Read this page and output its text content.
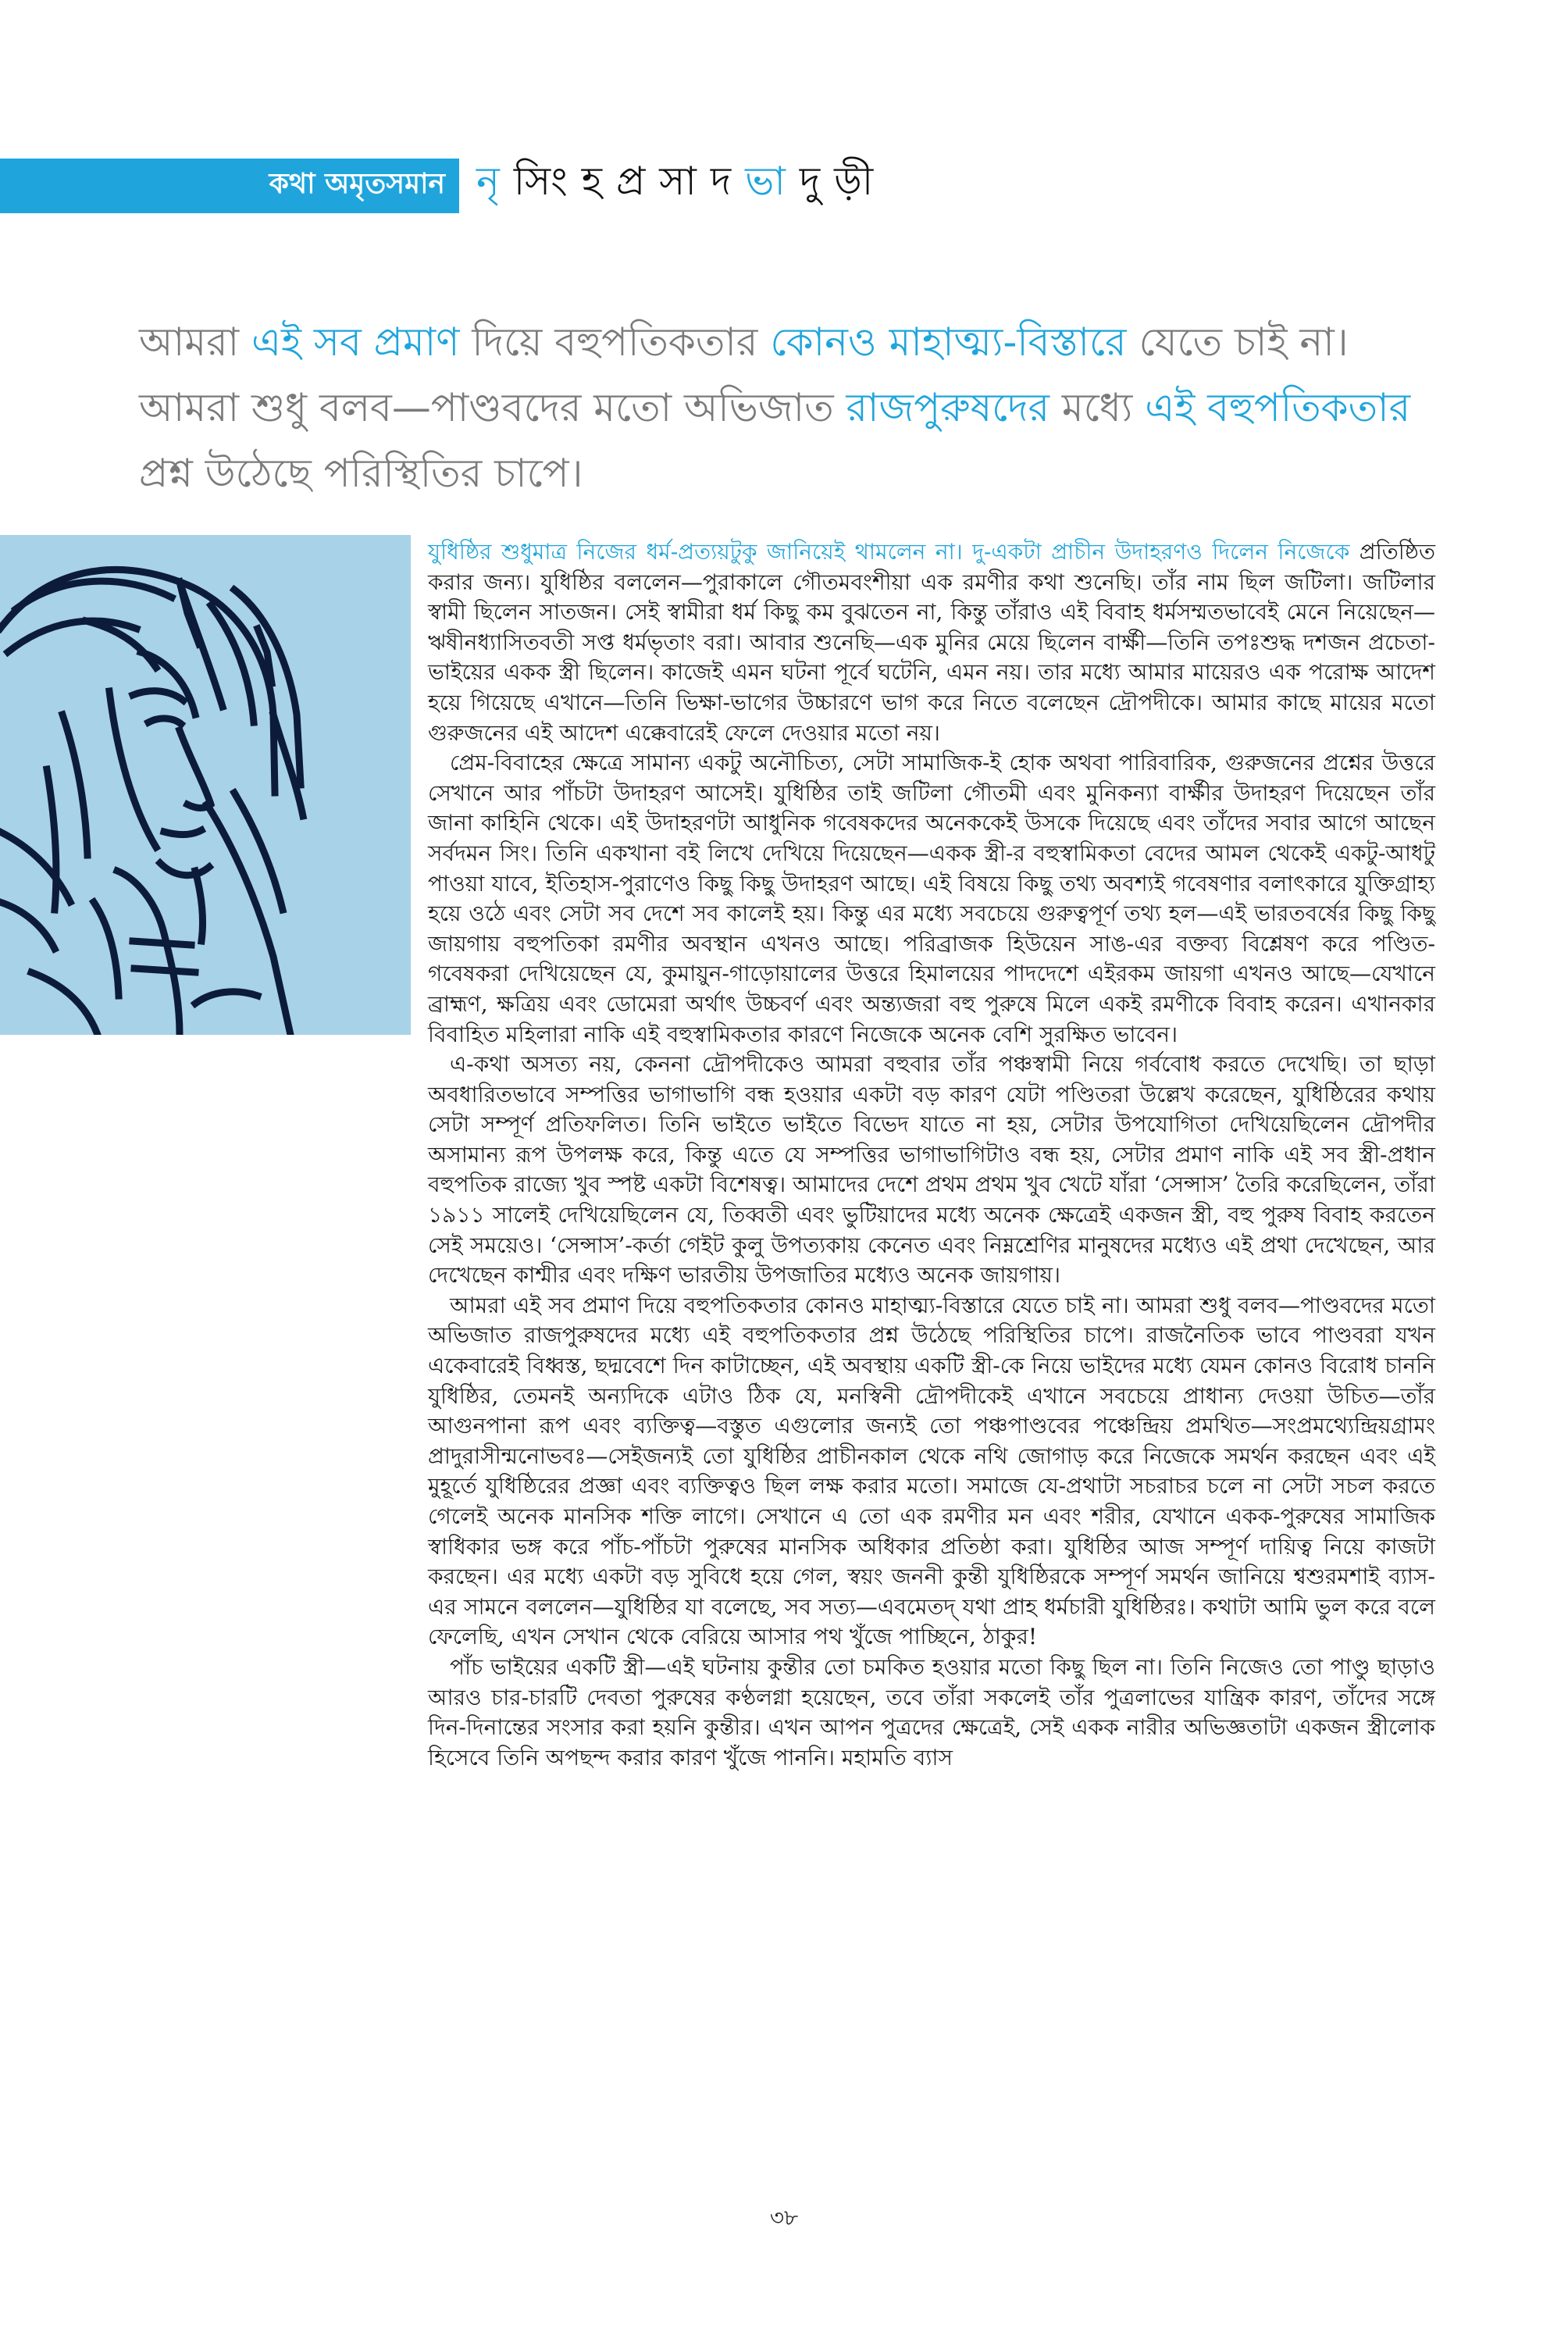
কথা অমৃতসমান নৃ সিংহপ্রসাদ ভা দুড়ী
আমরা এই সব প্রমাণ দিয়ে বহুপতিকতার কোনও মাহাত্ম্য-বিস্তারে যেতে চাই না। আমরা শুধু বলব—পাণ্ডবদের মতো অভিজাত রাজপুরুষদের মধ্যে এই বহুপতিকতার প্রশ্ন উঠেছে পরিস্থিতির চাপে।

যুধিষ্ঠির শুধুমাত্র নিজের ধর্ম-প্রত্যয়টুকু জানিয়েই থামলেন না। দু-একটা প্রাচীন উদাহরণও দিলেন নিজেকে প্রতিষ্ঠিত করার জন্য। যুধিষ্ঠির বললেন—পুরাকালে গৌতমবংশীয়া এক রমণীর কথা শুনেছি। তাঁর নাম ছিল জটিলা। জটিলার স্বামী ছিলেন সাতজন। সেই স্বামীরা ধর্ম কিছু কম বুঝতেন না, কিন্তু তাঁরাও এই বিবাহ ধর্মসম্মতভাবেই মেনে নিয়েছেন—ঋষীনধ্যাসিতবতী সপ্ত ধর্মভৃতাং বরা। আবার শুনেছি—এক মুনির মেয়ে ছিলেন বার্ক্ষী—তিনি তপঃশুদ্ধ দশজন প্রচেতা-ভাইয়ের একক স্ত্রী ছিলেন। কাজেই এমন ঘটনা পূর্বে ঘটেনি, এমন নয়। তার মধ্যে আমার মায়েরও এক পরোক্ষ আদেশ হয়ে গিয়েছে এখানে—তিনি ভিক্ষা-ভাগের উচ্চারণে ভাগ করে নিতে বলেছেন দ্রৌপদীকে। আমার কাছে মায়ের মতো গুরুজনের এই আদেশ এক্কেবারেই ফেলে দেওয়ার মতো নয়।

প্রেম-বিবাহের ক্ষেত্রে সামান্য একটু অনৌচিত্য, সেটা সামাজিক-ই হোক অথবা পারিবারিক, গুরুজনের প্রশ্নের উত্তরে সেখানে আর পাঁচটা উদাহরণ আসেই। যুধিষ্ঠির তাই জটিলা গৌতমী এবং মুনিকন্যা বার্ক্ষীর উদাহরণ দিয়েছেন তাঁর জানা কাহিনি থেকে। এই উদাহরণটা আধুনিক গবেষকদের অনেককেই উসকে দিয়েছে এবং তাঁদের সবার আগে আছেন সর্বদমন সিং। তিনি একখানা বই লিখে দেখিয়ে দিয়েছেন—একক স্ত্রী-র বহুস্বামিকতা বেদের আমল থেকেই একটু-আধটু পাওয়া যাবে, ইতিহাস-পুরাণেও কিছু কিছু উদাহরণ আছে। এই বিষয়ে কিছু তথ্য অবশ্যই গবেষণার বলাৎকারে যুক্তিগ্রাহ্য হয়ে ওঠে এবং সেটা সব দেশে সব কালেই হয়। কিন্তু এর মধ্যে সবচেয়ে গুরুত্বপূর্ণ তথ্য হল—এই ভারতবর্ষের কিছু কিছু জায়গায় বহুপতিকা রমণীর অবস্থান এখনও আছে। পরিব্রাজক হিউয়েন সাঙ-এর বক্তব্য বিশ্লেষণ করে পণ্ডিত-গবেষকরা দেখিয়েছেন যে, কুমায়ুন-গাড়োয়ালের উত্তরে হিমালয়ের পাদদেশে এইরকম জায়গা এখনও আছে—যেখানে ব্রাহ্মণ, ক্ষত্রিয় এবং ডোমেরা অর্থাৎ উচ্চবর্ণ এবং অন্ত্যজরা বহু পুরুষে মিলে একই রমণীকে বিবাহ করেন। এখানকার বিবাহিত মহিলারা নাকি এই বহুস্বামিকতার কারণে নিজেকে অনেক বেশি সুরক্ষিত ভাবেন।

এ-কথা অসত্য নয়, কেননা দ্রৌপদীকেও আমরা বহুবার তাঁর পঞ্চস্বামী নিয়ে গর্ববোধ করতে দেখেছি। তা ছাড়া অবধারিতভাবে সম্পত্তির ভাগাভাগি বন্ধ হওয়ার একটা বড় কারণ যেটা পণ্ডিতরা উল্লেখ করেছেন, যুধিষ্ঠিরের কথায় সেটা সম্পূর্ণ প্রতিফলিত। তিনি ভাইতে ভাইতে বিভেদ যাতে না হয়, সেটার উপযোগিতা দেখিয়েছিলেন দ্রৌপদীর অসামান্য রূপ উপলক্ষ করে, কিন্তু এতে যে সম্পত্তির ভাগাভাগিটাও বন্ধ হয়, সেটার প্রমাণ নাকি এই সব স্ত্রী-প্রধান বহুপতিক রাজ্যে খুব স্পষ্ট একটা বিশেষত্ব। আমাদের দেশে প্রথম প্রথম খুব খেটে যাঁরা ‘সেন্সাস’ তৈরি করেছিলেন, তাঁরা ১৯১১ সালেই দেখিয়েছিলেন যে, তিব্বতী এবং ভুটিয়াদের মধ্যে অনেক ক্ষেত্রেই একজন স্ত্রী, বহু পুরুষ বিবাহ করতেন সেই সময়েও। ‘সেন্সাস’-কর্তা গেইট কুলু উপত্যকায় কেনেত এবং নিম্নশ্রেণির মানুষদের মধ্যেও এই প্রথা দেখেছেন, আর দেখেছেন কাশ্মীর এবং দক্ষিণ ভারতীয় উপজাতির মধ্যেও অনেক জায়গায়।

আমরা এই সব প্রমাণ দিয়ে বহুপতিকতার কোনও মাহাত্ম্য-বিস্তারে যেতে চাই না। আমরা শুধু বলব—পাণ্ডবদের মতো অভিজাত রাজপুরুষদের মধ্যে এই বহুপতিকতার প্রশ্ন উঠেছে পরিস্থিতির চাপে। রাজনৈতিক ভাবে পাণ্ডবরা যখন একেবারেই বিধ্বস্ত, ছদ্মবেশে দিন কাটাচ্ছেন, এই অবস্থায় একটি স্ত্রী-কে নিয়ে ভাইদের মধ্যে যেমন কোনও বিরোধ চাননি যুধিষ্ঠির, তেমনই অন্যদিকে এটাও ঠিক যে, মনস্বিনী দ্রৌপদীকেই এখানে সবচেয়ে প্রাধান্য দেওয়া উচিত—তাঁর আগুনপানা রূপ এবং ব্যক্তিত্ব—বস্তুত এগুলোর জন্যই তো পঞ্চপাণ্ডবের পঞ্চেন্দ্রিয় প্রমথিত—সংপ্রমথ্যেন্দ্রিয়গ্রামং প্রাদুরাসীন্মনোভবঃ—সেইজন্যই তো যুধিষ্ঠির প্রাচীনকাল থেকে নথি জোগাড় করে নিজেকে সমর্থন করছেন এবং এই মুহূর্তে যুধিষ্ঠিরের প্রজ্ঞা এবং ব্যক্তিত্বও ছিল লক্ষ করার মতো। সমাজে যে-প্রথাটা সচরাচর চলে না সেটা সচল করতে গেলেই অনেক মানসিক শক্তি লাগে। সেখানে এ তো এক রমণীর মন এবং শরীর, যেখানে একক-পুরুষের সামাজিক স্বাধিকার ভঙ্গ করে পাঁচ-পাঁচটা পুরুষের মানসিক অধিকার প্রতিষ্ঠা করা। যুধিষ্ঠির আজ সম্পূর্ণ দায়িত্ব নিয়ে কাজটা করছেন। এর মধ্যে একটা বড় সুবিধে হয়ে গেল, স্বয়ং জননী কুন্তী যুধিষ্ঠিরকে সম্পূর্ণ সমর্থন জানিয়ে শ্বশুরমশাই ব্যাস-এর সামনে বললেন—যুধিষ্ঠির যা বলেছে, সব সত্য—এবমেতদ্ যথা প্রাহ ধর্মচারী যুধিষ্ঠিরঃ। কথাটা আমি ভুল করে বলে ফেলেছি, এখন সেখান থেকে বেরিয়ে আসার পথ খুঁজে পাচ্ছিনে, ঠাকুর!

পাঁচ ভাইয়ের একটি স্ত্রী—এই ঘটনায় কুন্তীর তো চমকিত হওয়ার মতো কিছু ছিল না। তিনি নিজেও তো পাণ্ডু ছাড়াও আরও চার-চারটি দেবতা পুরুষের কণ্ঠলগ্না হয়েছেন, তবে তাঁরা সকলেই তাঁর পুত্রলাভের যান্ত্রিক কারণ, তাঁদের সঙ্গে দিন-দিনান্তের সংসার করা হয়নি কুন্তীর। এখন আপন পুত্রদের ক্ষেত্রেই, সেই একক নারীর অভিজ্ঞতাটা একজন স্ত্রীলোক হিসেবে তিনি অপছন্দ করার কারণ খুঁজে পাননি। মহামতি ব্যাস

৩৮
